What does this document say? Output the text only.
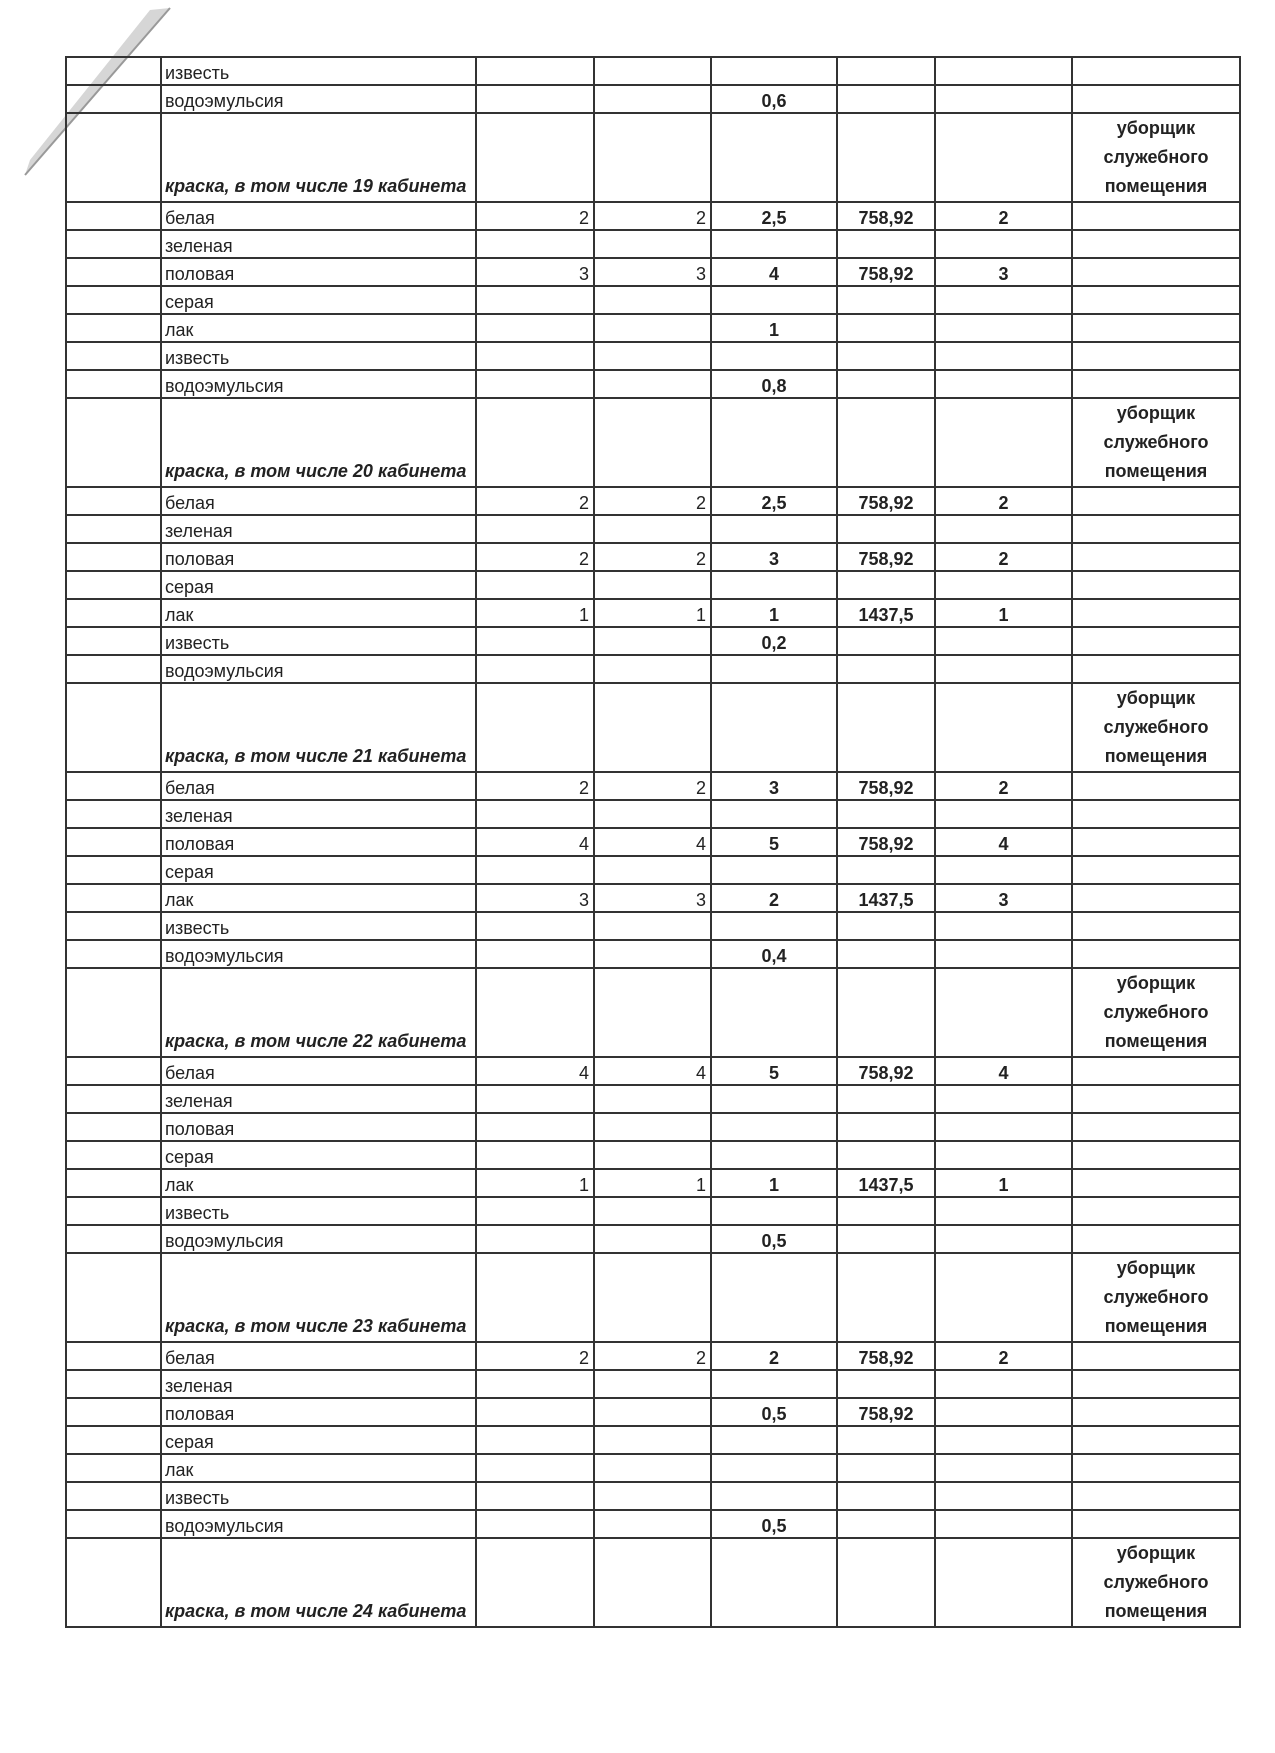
	известь						
	водоэмульсия			0,6			
	краска, в том числе 19 кабинета						уборщик служебного помещения
	белая	2	2	2,5	758,92	2	
	зеленая						
	половая	3	3	4	758,92	3	
	серая						
	лак			1			
	известь						
	водоэмульсия			0,8			
	краска, в том числе 20 кабинета						уборщик служебного помещения
	белая	2	2	2,5	758,92	2	
	зеленая						
	половая	2	2	3	758,92	2	
	серая						
	лак	1	1	1	1437,5	1	
	известь			0,2			
	водоэмульсия						
	краска, в том числе 21 кабинета						уборщик служебного помещения
	белая	2	2	3	758,92	2	
	зеленая						
	половая	4	4	5	758,92	4	
	серая						
	лак	3	3	2	1437,5	3	
	известь						
	водоэмульсия			0,4			
	краска, в том числе 22 кабинета						уборщик служебного помещения
	белая	4	4	5	758,92	4	
	зеленая						
	половая						
	серая						
	лак	1	1	1	1437,5	1	
	известь						
	водоэмульсия			0,5			
	краска, в том числе 23 кабинета						уборщик служебного помещения
	белая	2	2	2	758,92	2	
	зеленая						
	половая			0,5	758,92		
	серая						
	лак						
	известь						
	водоэмульсия			0,5			
	краска, в том числе 24 кабинета						уборщик служебного помещения
